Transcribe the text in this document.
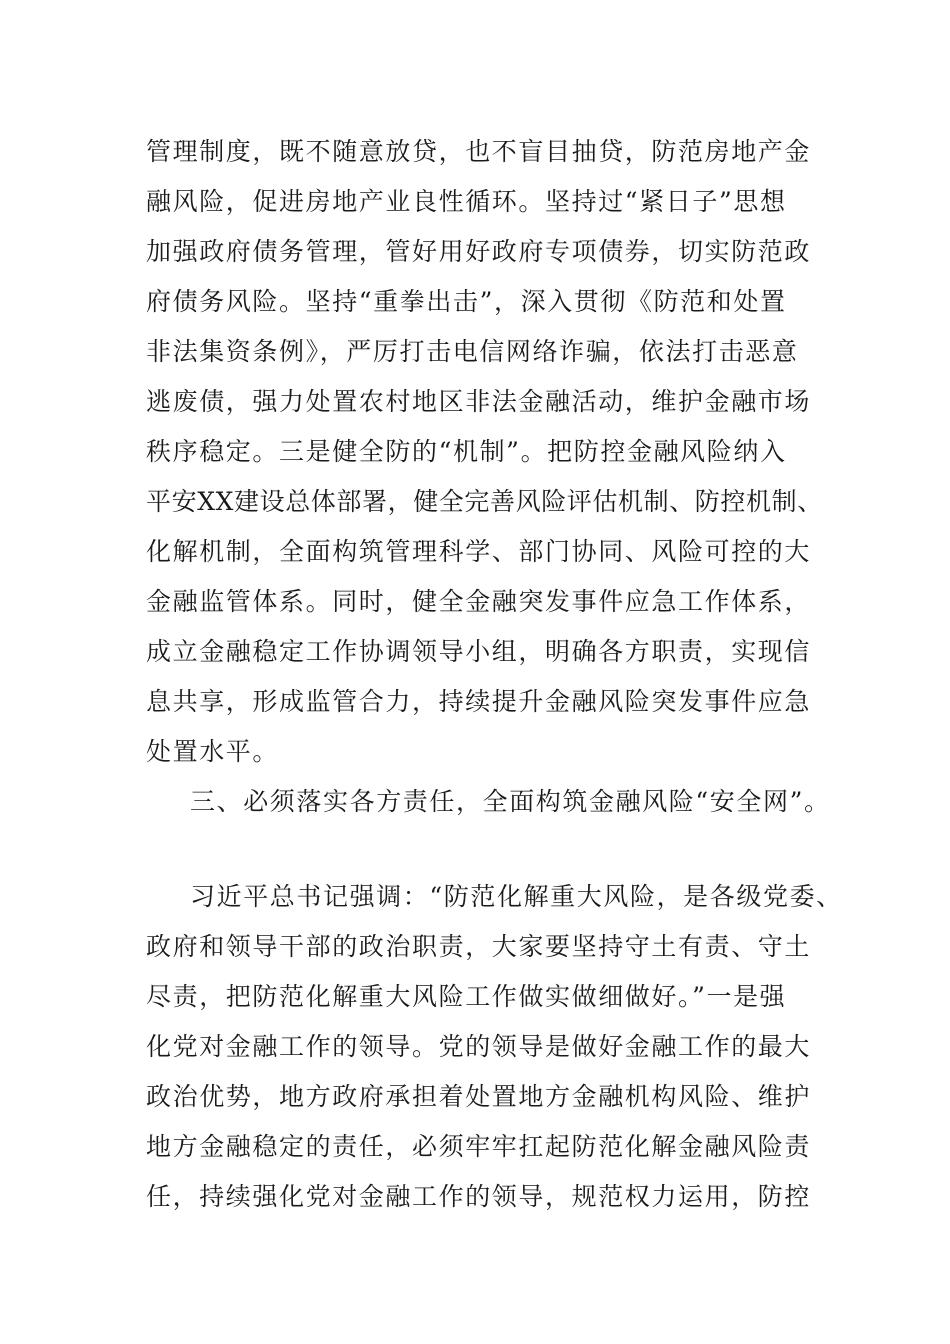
管理制度，既不随意放贷，也不盲目抽贷，防范房地产金
融风险，促进房地产业良性循环。坚持过“紧日子”思想
加强政府债务管理，管好用好政府专项债券，切实防范政
府债务风险。坚持“重拳出击”，深入贯彻《防范和处置
非法集资条例》，严厉打击电信网络诈骗，依法打击恶意
逃废债，强力处置农村地区非法金融活动，维护金融市场
秩序稳定。三是健全防的“机制”。把防控金融风险纳入
平安XX建设总体部署，健全完善风险评估机制、防控机制、
化解机制，全面构筑管理科学、部门协同、风险可控的大
金融监管体系。同时，健全金融突发事件应急工作体系，
成立金融稳定工作协调领导小组，明确各方职责，实现信
息共享，形成监管合力，持续提升金融风险突发事件应急
处置水平。
三、必须落实各方责任，全面构筑金融风险“安全网”。
习近平总书记强调：“防范化解重大风险，是各级党委、
政府和领导干部的政治职责，大家要坚持守土有责、守土
尽责，把防范化解重大风险工作做实做细做好。”一是强
化党对金融工作的领导。党的领导是做好金融工作的最大
政治优势，地方政府承担着处置地方金融机构风险、维护
地方金融稳定的责任，必须牢牢扛起防范化解金融风险责
任，持续强化党对金融工作的领导，规范权力运用，防控
